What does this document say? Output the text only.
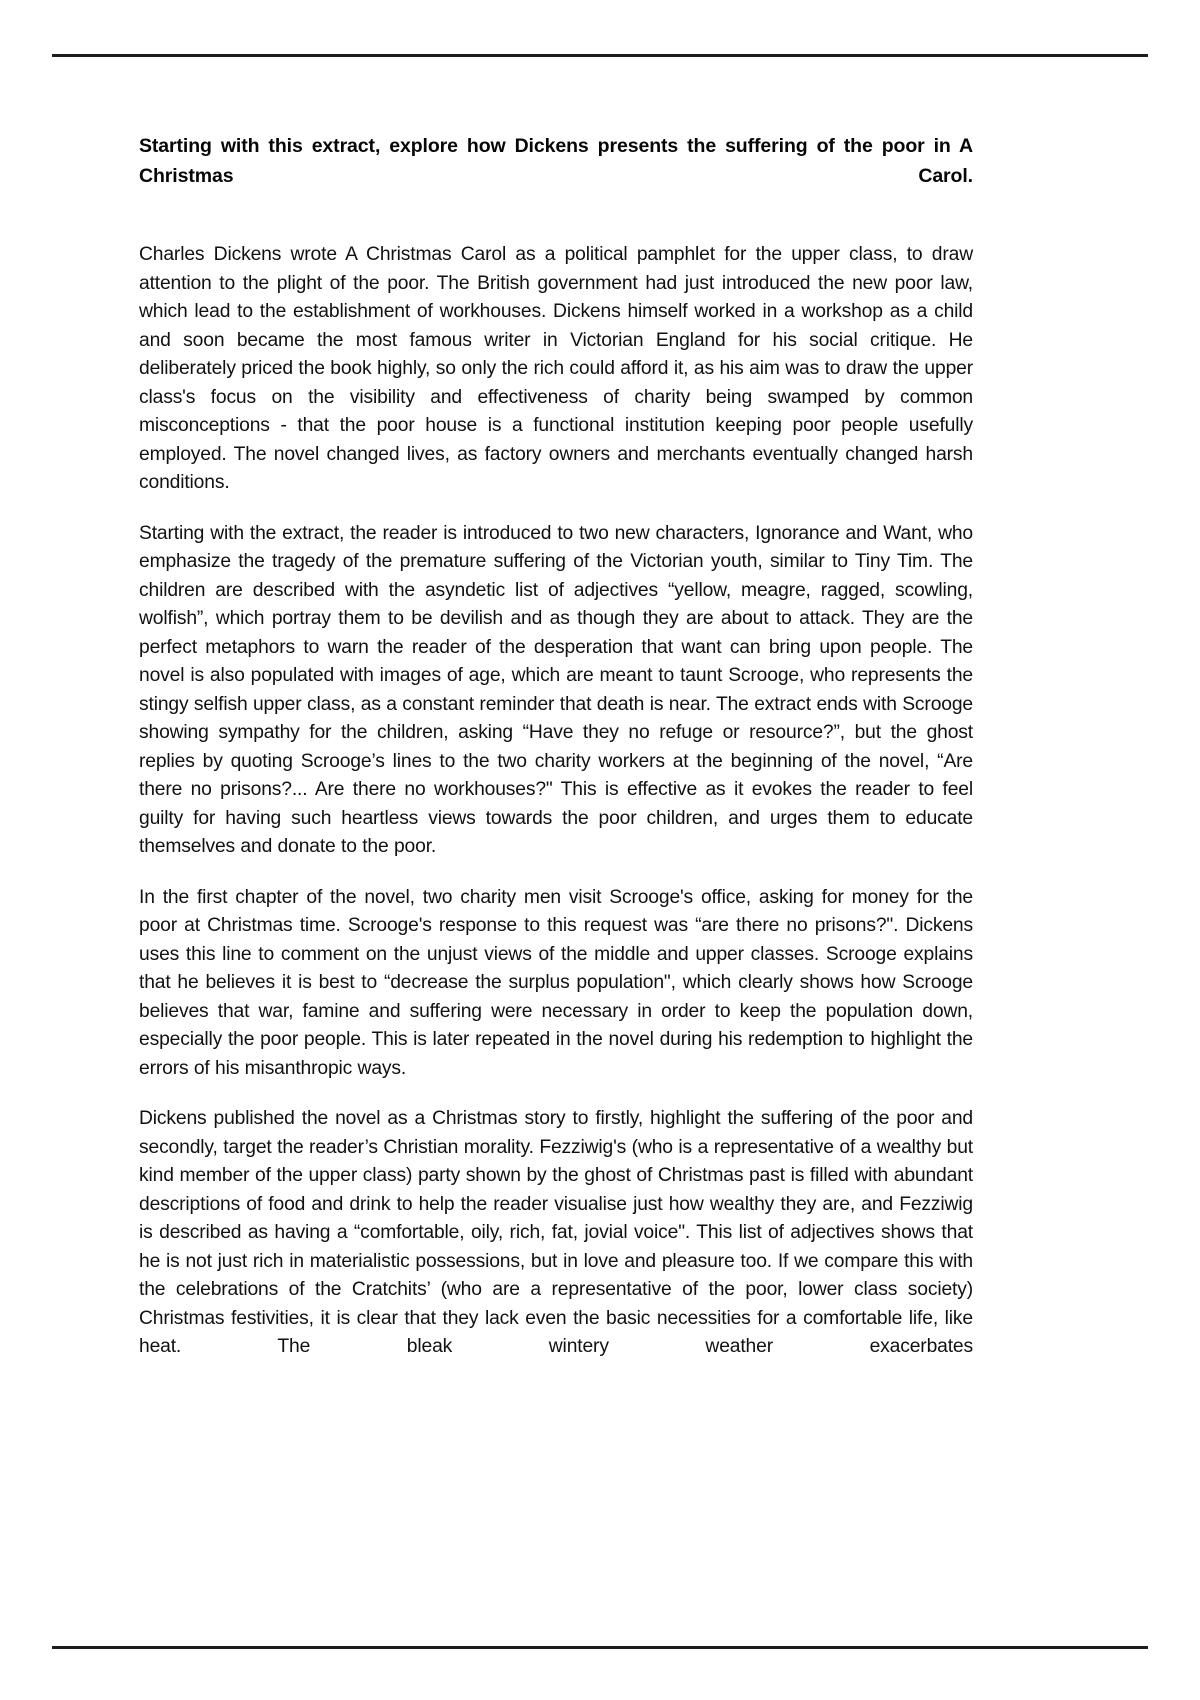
Starting with this extract, explore how Dickens presents the suffering of the poor in A Christmas Carol.

Charles Dickens wrote A Christmas Carol as a political pamphlet for the upper class, to draw attention to the plight of the poor. The British government had just introduced the new poor law, which lead to the establishment of workhouses. Dickens himself worked in a workshop as a child and soon became the most famous writer in Victorian England for his social critique. He deliberately priced the book highly, so only the rich could afford it, as his aim was to draw the upper class's focus on the visibility and effectiveness of charity being swamped by common misconceptions - that the poor house is a functional institution keeping poor people usefully employed. The novel changed lives, as factory owners and merchants eventually changed harsh conditions.

Starting with the extract, the reader is introduced to two new characters, Ignorance and Want, who emphasize the tragedy of the premature suffering of the Victorian youth, similar to Tiny Tim. The children are described with the asyndetic list of adjectives “yellow, meagre, ragged, scowling, wolfish”, which portray them to be devilish and as though they are about to attack. They are the perfect metaphors to warn the reader of the desperation that want can bring upon people. The novel is also populated with images of age, which are meant to taunt Scrooge, who represents the stingy selfish upper class, as a constant reminder that death is near. The extract ends with Scrooge showing sympathy for the children, asking “Have they no refuge or resource?”, but the ghost replies by quoting Scrooge’s lines to the two charity workers at the beginning of the novel, “Are there no prisons?... Are there no workhouses?" This is effective as it evokes the reader to feel guilty for having such heartless views towards the poor children, and urges them to educate themselves and donate to the poor.

In the first chapter of the novel, two charity men visit Scrooge's office, asking for money for the poor at Christmas time. Scrooge's response to this request was “are there no prisons?". Dickens uses this line to comment on the unjust views of the middle and upper classes. Scrooge explains that he believes it is best to “decrease the surplus population", which clearly shows how Scrooge believes that war, famine and suffering were necessary in order to keep the population down, especially the poor people. This is later repeated in the novel during his redemption to highlight the errors of his misanthropic ways.

Dickens published the novel as a Christmas story to firstly, highlight the suffering of the poor and secondly, target the reader’s Christian morality. Fezziwig's (who is a representative of a wealthy but kind member of the upper class) party shown by the ghost of Christmas past is filled with abundant descriptions of food and drink to help the reader visualise just how wealthy they are, and Fezziwig is described as having a “comfortable, oily, rich, fat, jovial voice". This list of adjectives shows that he is not just rich in materialistic possessions, but in love and pleasure too. If we compare this with the celebrations of the Cratchits’ (who are a representative of the poor, lower class society) Christmas festivities, it is clear that they lack even the basic necessities for a comfortable life, like heat. The bleak wintery weather exacerbates
